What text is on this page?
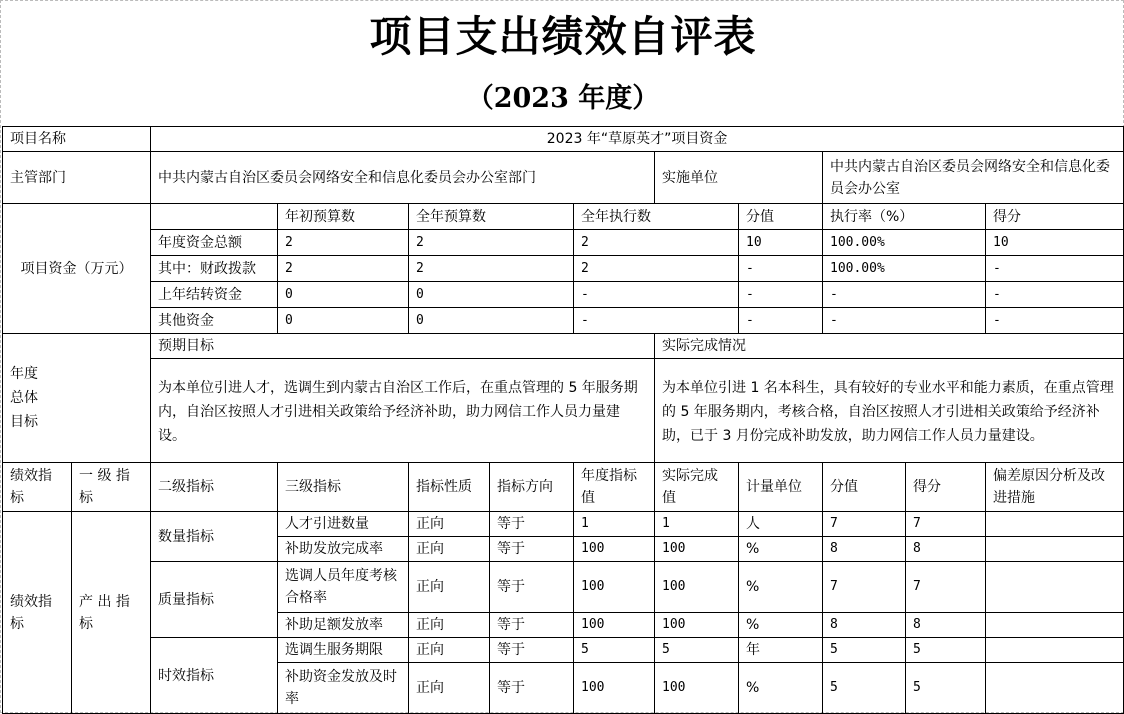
项目支出绩效自评表
（2023 年度）
项目名称		2023 年“草原英才”项目资金									
主管部门		中共内蒙古自治区委员会网络安全和信息化委员会办公室部门					实施单位		中共内蒙古自治区委员会网络安全和信息化委员会办公室		
项目资金（万元）			年初预算数	全年预算数		全年执行数		分值	执行率（%）		得分
		年度资金总额	2	2		2		10	100.00%		10
		其中：财政拨款	2	2		2		-	100.00%		-
		上年结转资金	0	0		-		-	-		-
		其他资金	0	0		-		-	-		-

年度总体目标		预期目标					实际完成情况				
		为本单位引进人才，选调生到内蒙古自治区工作后，在重点管理的 5 年服务期内，自治区按照人才引进相关政策给予经济补助，助力网信工作人员力量建设。					为本单位引进 1 名本科生，具有较好的专业水平和能力素质，在重点管理的 5 年服务期内，考核合格，自治区按照人才引进相关政策给予经济补助，已于 3 月份完成补助发放，助力网信工作人员力量建设。				
绩效指标	一 级 指标	二级指标	三级指标	指标性质	指标方向	年度指标值	实际完成值	计量单位	分值	得分	偏差原因分析及改进措施
绩效指标	产 出 指标	数量指标	人才引进数量	正向	等于	1	1	人	7	7	
			补助发放完成率	正向	等于	100	100	%	8	8	
		质量指标	选调人员年度考核合格率	正向	等于	100	100	%	7	7	
			补助足额发放率	正向	等于	100	100	%	8	8	
		时效指标	选调生服务期限	正向	等于	5	5	年	5	5	
			补助资金发放及时率	正向	等于	100	100	%	5	5	
